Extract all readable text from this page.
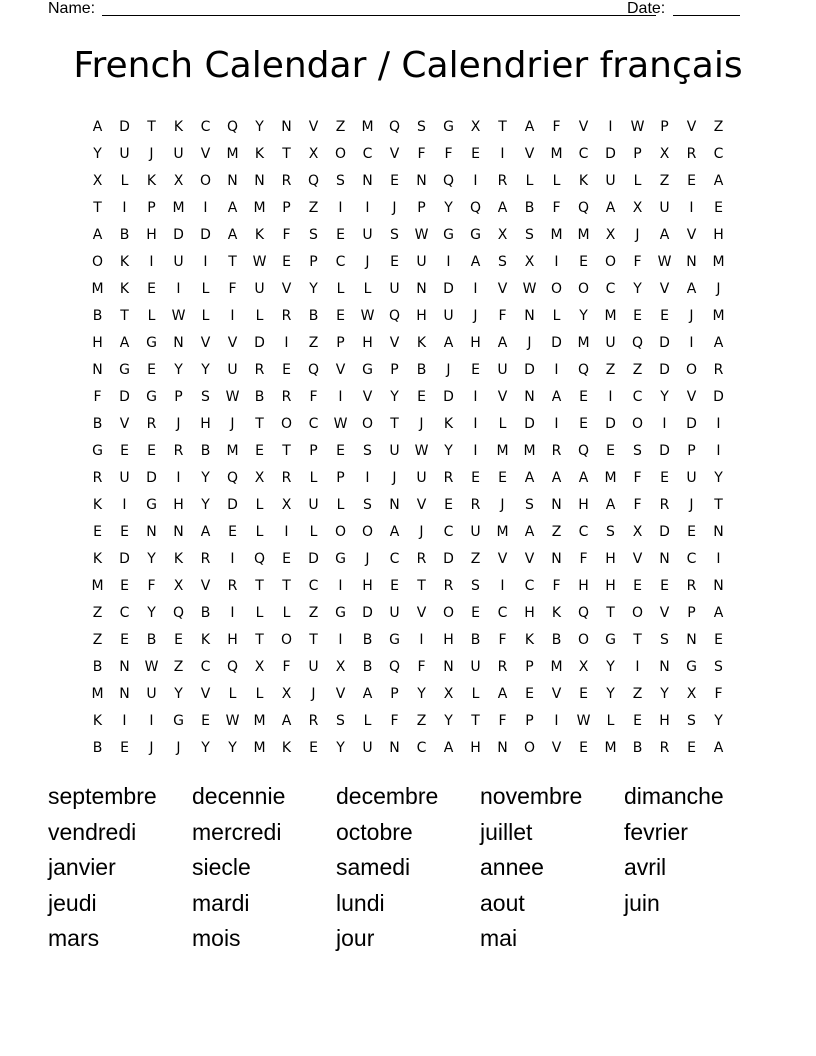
Name:	Date:
French Calendar / Calendrier français
A	D	T	K	C	Q	Y	N	V	Z	M	Q	S	G	X	T	A	F	V	I	W	P	V	Z
Y	U	J	U	V	M	K	T	X	O	C	V	F	F	E	I	V	M	C	D	P	X	R	C
X	L	K	X	O	N	N	R	Q	S	N	E	N	Q	I	R	L	L	K	U	L	Z	E	A
T	I	P	M	I	A	M	P	Z	I	I	J	P	Y	Q	A	B	F	Q	A	X	U	I	E
A	B	H	D	D	A	K	F	S	E	U	S	W	G	G	X	S	M	M	X	J	A	V	H
O	K	I	U	I	T	W	E	P	C	J	E	U	I	A	S	X	I	E	O	F	W	N	M
M	K	E	I	L	F	U	V	Y	L	L	U	N	D	I	V	W	O	O	C	Y	V	A	J
B	T	L	W	L	I	L	R	B	E	W	Q	H	U	J	F	N	L	Y	M	E	E	J	M
H	A	G	N	V	V	D	I	Z	P	H	V	K	A	H	A	J	D	M	U	Q	D	I	A
N	G	E	Y	Y	U	R	E	Q	V	G	P	B	J	E	U	D	I	Q	Z	Z	D	O	R
F	D	G	P	S	W	B	R	F	I	V	Y	E	D	I	V	N	A	E	I	C	Y	V	D
B	V	R	J	H	J	T	O	C	W	O	T	J	K	I	L	D	I	E	D	O	I	D	I
G	E	E	R	B	M	E	T	P	E	S	U	W	Y	I	M	M	R	Q	E	S	D	P	I
R	U	D	I	Y	Q	X	R	L	P	I	J	U	R	E	E	A	A	A	M	F	E	U	Y
K	I	G	H	Y	D	L	X	U	L	S	N	V	E	R	J	S	N	H	A	F	R	J	T
E	E	N	N	A	E	L	I	L	O	O	A	J	C	U	M	A	Z	C	S	X	D	E	N
K	D	Y	K	R	I	Q	E	D	G	J	C	R	D	Z	V	V	N	F	H	V	N	C	I
M	E	F	X	V	R	T	T	C	I	H	E	T	R	S	I	C	F	H	H	E	E	R	N
Z	C	Y	Q	B	I	L	L	Z	G	D	U	V	O	E	C	H	K	Q	T	O	V	P	A
Z	E	B	E	K	H	T	O	T	I	B	G	I	H	B	F	K	B	O	G	T	S	N	E
B	N	W	Z	C	Q	X	F	U	X	B	Q	F	N	U	R	P	M	X	Y	I	N	G	S
M	N	U	Y	V	L	L	X	J	V	A	P	Y	X	L	A	E	V	E	Y	Z	Y	X	F
K	I	I	G	E	W	M	A	R	S	L	F	Z	Y	T	F	P	I	W	L	E	H	S	Y
B	E	J	J	Y	Y	M	K	E	Y	U	N	C	A	H	N	O	V	E	M	B	R	E	A
septembre	decennie	decembre	novembre	dimanche
vendredi	mercredi	octobre	juillet	fevrier
janvier	siecle	samedi	annee	avril
jeudi	mardi	lundi	aout	juin
mars	mois	jour	mai
